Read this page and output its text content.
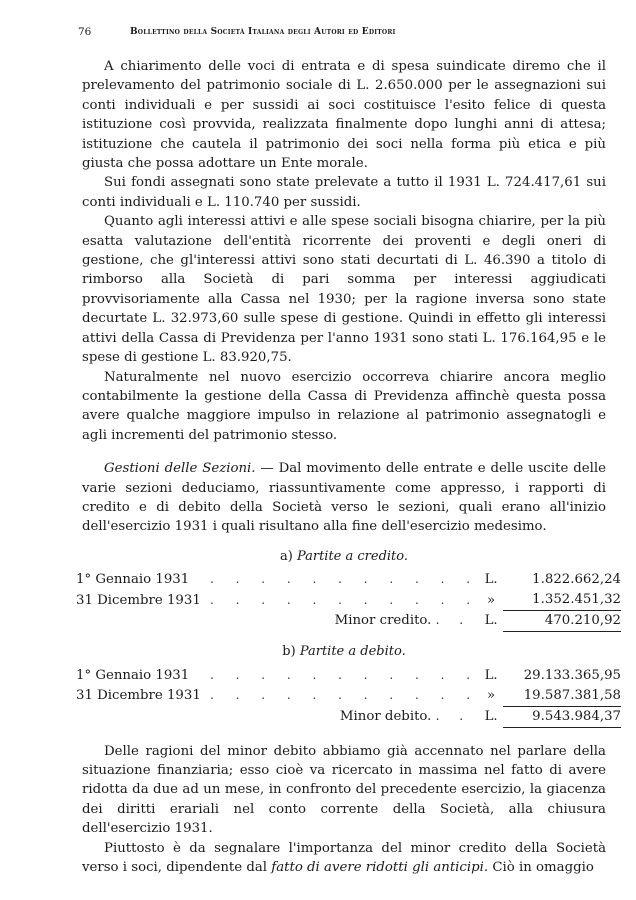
76	Bollettino della Società Italiana degli Autori ed Editori

A chiarimento delle voci di entrata e di spesa suindicate diremo che il prelevamento del patrimonio sociale di L. 2.650.000 per le assegnazioni sui conti individuali e per sussidi ai soci costituisce l'esito felice di questa istituzione così provvida, realizzata finalmente dopo lunghi anni di attesa; istituzione che cautela il patrimonio dei soci nella forma più etica e più giusta che possa adottare un Ente morale.

Sui fondi assegnati sono state prelevate a tutto il 1931 L. 724.417,61 sui conti individuali e L. 110.740 per sussidi.

Quanto agli interessi attivi e alle spese sociali bisogna chiarire, per la più esatta valutazione dell'entità ricorrente dei proventi e degli oneri di gestione, che gl'interessi attivi sono stati decurtati di L. 46.390 a titolo di rimborso alla Società di pari somma per interessi aggiudicati provvisoriamente alla Cassa nel 1930; per la ragione inversa sono state decurtate L. 32.973,60 sulle spese di gestione. Quindi in effetto gli interessi attivi della Cassa di Previdenza per l'anno 1931 sono stati L. 176.164,95 e le spese di gestione L. 83.920,75.

Naturalmente nel nuovo esercizio occorreva chiarire ancora meglio contabilmente la gestione della Cassa di Previdenza affinchè questa possa avere qualche maggiore impulso in relazione al patrimonio assegnatogli e agli incrementi del patrimonio stesso.

Gestioni delle Sezioni. — Dal movimento delle entrate e delle uscite delle varie sezioni deduciamo, riassuntivamente come appresso, i rapporti di credito e di debito della Società verso le sezioni, quali erano all'inizio dell'esercizio 1931 i quali risultano alla fine dell'esercizio medesimo.

a) Partite a credito.
1° Gennaio 1931	. . . . . . . . . . .	L.	1.822.662,24
31 Dicembre 1931	. . . . . . . . . . .	»	1.352.451,32
Minor credito. . .		L.	470.210,92
b) Partite a debito.
1° Gennaio 1931	. . . . . . . . . . .	L.	29.133.365,95
31 Dicembre 1931	. . . . . . . . . . .	»	19.587.381,58
Minor debito. . .		L.	9.543.984,37

Delle ragioni del minor debito abbiamo già accennato nel parlare della situazione finanziaria; esso cioè va ricercato in massima nel fatto di avere ridotta da due ad un mese, in confronto del precedente esercizio, la giacenza dei diritti erariali nel conto corrente della Società, alla chiusura dell'esercizio 1931.

Piuttosto è da segnalare l'importanza del minor credito della Società verso i soci, dipendente dal fatto di avere ridotti gli anticipi. Ciò in omaggio
